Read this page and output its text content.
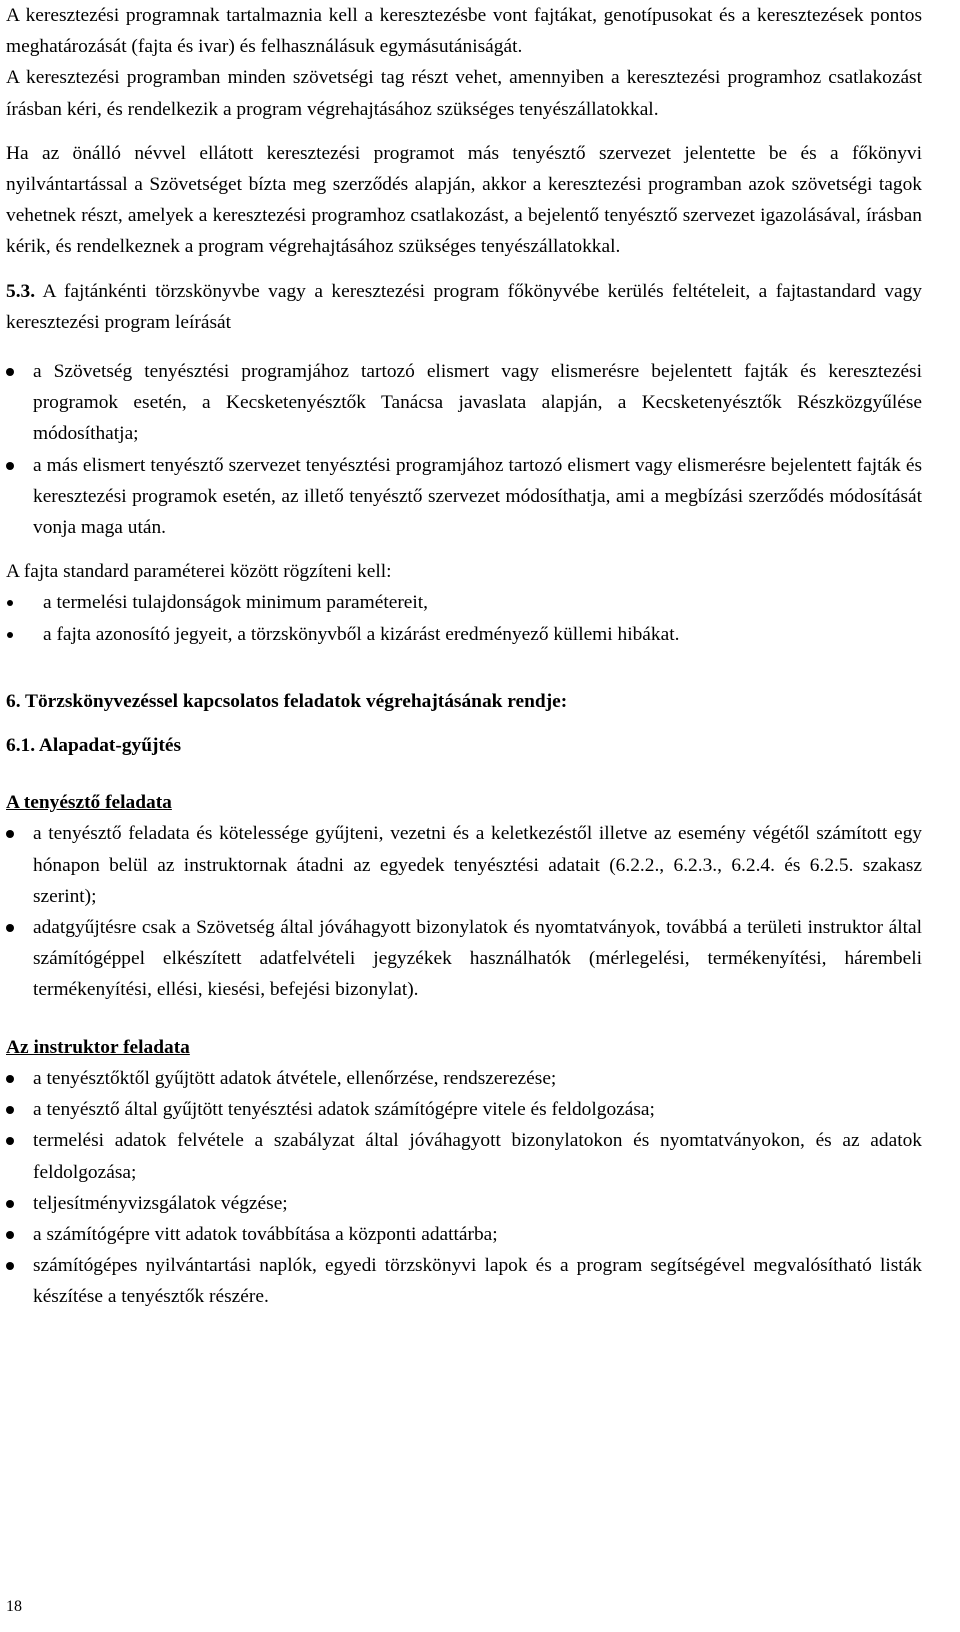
A keresztezési programnak tartalmaznia kell a keresztezésbe vont fajtákat, genotípusokat és a keresztezések pontos meghatározását (fajta és ivar) és felhasználásuk egymásutániságát.

A keresztezési programban minden szövetségi tag részt vehet, amennyiben a keresztezési programhoz csatlakozást írásban kéri, és rendelkezik a program végrehajtásához szükséges tenyészállatokkal.

Ha az önálló névvel ellátott keresztezési programot más tenyésztő szervezet jelentette be és a főkönyvi nyilvántartással a Szövetséget bízta meg szerződés alapján, akkor a keresztezési programban azok szövetségi tagok vehetnek részt, amelyek a keresztezési programhoz csatlakozást, a bejelentő tenyésztő szervezet igazolásával, írásban kérik, és rendelkeznek a program végrehajtásához szükséges tenyészállatokkal.

5.3. A fajtánkénti törzskönyvbe vagy a keresztezési program főkönyvébe kerülés feltételeit, a fajtastandard vagy keresztezési program leírását

a Szövetség tenyésztési programjához tartozó elismert vagy elismerésre bejelentett fajták és keresztezési programok esetén, a Kecsketenyésztők Tanácsa javaslata alapján, a Kecsketenyésztők Részközgyűlése módosíthatja;
a más elismert tenyésztő szervezet tenyésztési programjához tartozó elismert vagy elismerésre bejelentett fajták és keresztezési programok esetén, az illető tenyésztő szervezet módosíthatja, ami a megbízási szerződés módosítását vonja maga után.

A fajta standard paraméterei között rögzíteni kell:

a termelési tulajdonságok minimum paramétereit,
a fajta azonosító jegyeit, a törzskönyvből a kizárást eredményező küllemi hibákat.

6. Törzskönyvezéssel kapcsolatos feladatok végrehajtásának rendje:

6.1. Alapadat-gyűjtés

A tenyésztő feladata

a tenyésztő feladata és kötelessége gyűjteni, vezetni és a keletkezéstől illetve az esemény végétől számított egy hónapon belül az instruktornak átadni az egyedek tenyésztési adatait (6.2.2., 6.2.3., 6.2.4. és 6.2.5. szakasz szerint);
adatgyűjtésre csak a Szövetség által jóváhagyott bizonylatok és nyomtatványok, továbbá a területi instruktor által számítógéppel elkészített adatfelvételi jegyzékek használhatók (mérlegelési, termékenyítési, hárembeli termékenyítési, ellési, kiesési, befejési bizonylat).

Az instruktor feladata

a tenyésztőktől gyűjtött adatok átvétele, ellenőrzése, rendszerezése;
a tenyésztő által gyűjtött tenyésztési adatok számítógépre vitele és feldolgozása;
termelési adatok felvétele a szabályzat által jóváhagyott bizonylatokon és nyomtatványokon, és az adatok feldolgozása;
teljesítményvizsgálatok végzése;
a számítógépre vitt adatok továbbítása a központi adattárba;
számítógépes nyilvántartási naplók, egyedi törzskönyvi lapok és a program segítségével megvalósítható listák készítése a tenyésztők részére.
18
